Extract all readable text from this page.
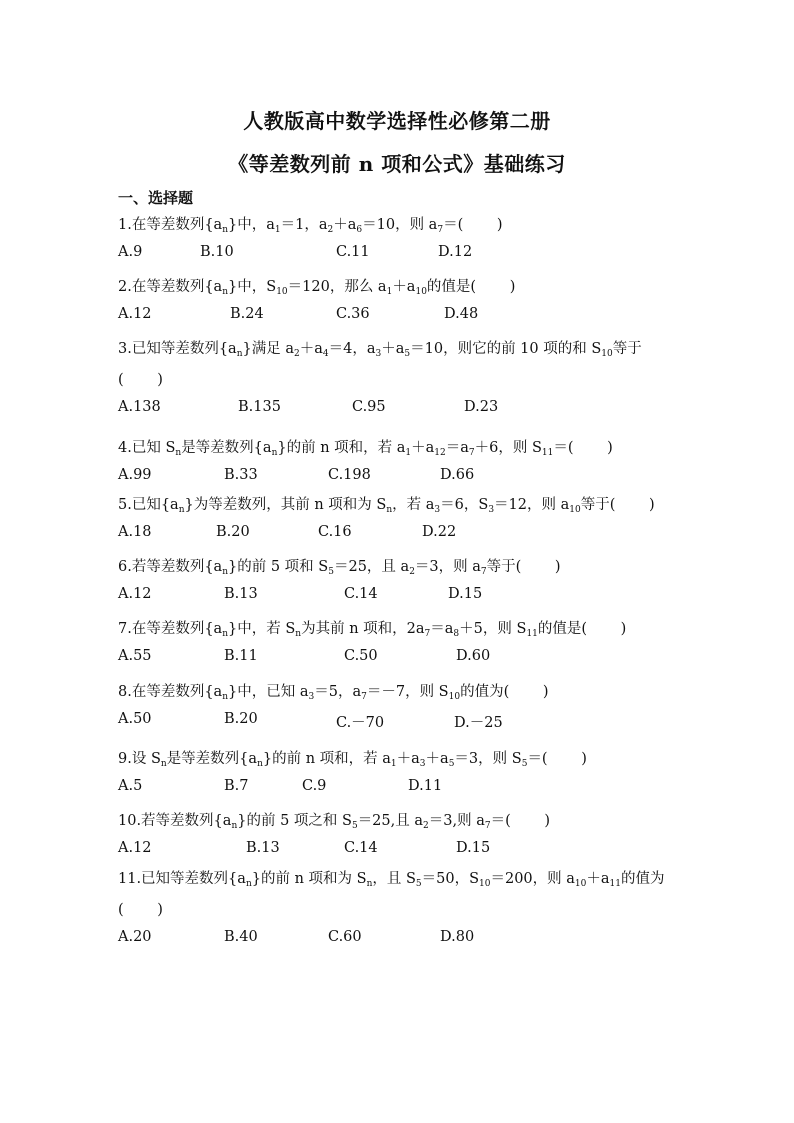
人教版高中数学选择性必修第二册
《等差数列前 n 项和公式》基础练习
一、选择题
1.在等差数列$\{a_n\}$中，$a_1=1$，$a_2+a_6=10$，则 $a_7=$(　　 )
A.9	B.10	C.11	D.12
2.在等差数列$\{a_n\}$中，$S_{10}=120$，那么 $a_1+a_{10}$的值是(　　 )
A.12	B.24	C.36	D.48
3.已知等差数列$\{a_n\}$满足 $a_2+a_4=4$，$a_3+a_5=10$，则它的前 10 项的和 $S_{10}$等于
(　　 )
A.138	B.135	C.95	D.23
4.已知 $S_n$是等差数列$\{a_n\}$的前 n 项和，若 $a_1+a_{12}=a_7+6$，则 $S_{11}=$(　　 )
A.99	B.33	C.198	D.66
5.已知$\{a_n\}$为等差数列，其前 n 项和为 $S_n$，若 $a_3=6$，$S_3=12$，则 $a_{10}$等于(　　 )
A.18	B.20	C.16	D.22
6.若等差数列$\{a_n\}$的前 5 项和 $S_5=25$，且 $a_2=3$，则 $a_7$等于(　　 )
A.12	B.13	C.14	D.15
7.在等差数列$\{a_n\}$中，若 $S_n$为其前 n 项和，$2a_7=a_8+5$，则 $S_{11}$的值是(　　 )
A.55	B.11	C.50	D.60
8.在等差数列$\{a_n\}$中，已知 $a_3=5$，$a_7=-7$，则 $S_{10}$的值为(　　 )
A.50	B.20	C.－70	D.－25
9.设 $S_n$是等差数列$\{a_n\}$的前 n 项和，若 $a_1+a_3+a_5=3$，则 $S_5=$(　　 )
A.5	B.7	C.9	D.11
10.若等差数列$\{a_n\}$的前 5 项之和 $S_5=25$,且 $a_2=3$,则 $a_7=$(　　 )
A.12	B.13	C.14	D.15
11.已知等差数列$\{a_n\}$的前 n 项和为 $S_n$，且 $S_5=50$，$S_{10}=200$，则 $a_{10}+a_{11}$的值为
(　　 )
A.20	B.40	C.60	D.80
